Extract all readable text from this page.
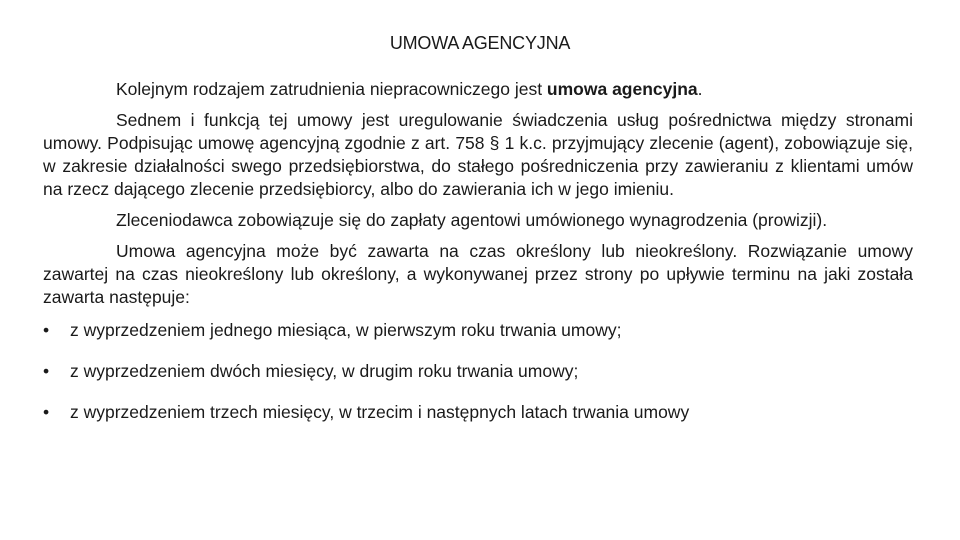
UMOWA AGENCYJNA

Kolejnym rodzajem zatrudnienia niepracowniczego jest umowa agencyjna.

Sednem i funkcją tej umowy jest uregulowanie świadczenia usług pośrednictwa między stronami umowy. Podpisując umowę agencyjną zgodnie z art. 758 § 1 k.c. przyjmujący zlecenie (agent), zobowiązuje się, w zakresie działalności swego przedsiębiorstwa, do stałego pośredniczenia przy zawieraniu z klientami umów na rzecz dającego zlecenie przedsiębiorcy, albo do zawierania ich w jego imieniu.

Zleceniodawca zobowiązuje się do zapłaty agentowi umówionego wynagrodzenia (prowizji).

Umowa agencyjna może być zawarta na czas określony lub nieokreślony. Rozwiązanie umowy zawartej na czas nieokreślony lub określony, a wykonywanej przez strony po upływie terminu na jaki została zawarta następuje:

• z wyprzedzeniem jednego miesiąca, w pierwszym roku trwania umowy;
• z wyprzedzeniem dwóch miesięcy, w drugim roku trwania umowy;
• z wyprzedzeniem trzech miesięcy, w trzecim i następnych latach trwania umowy
